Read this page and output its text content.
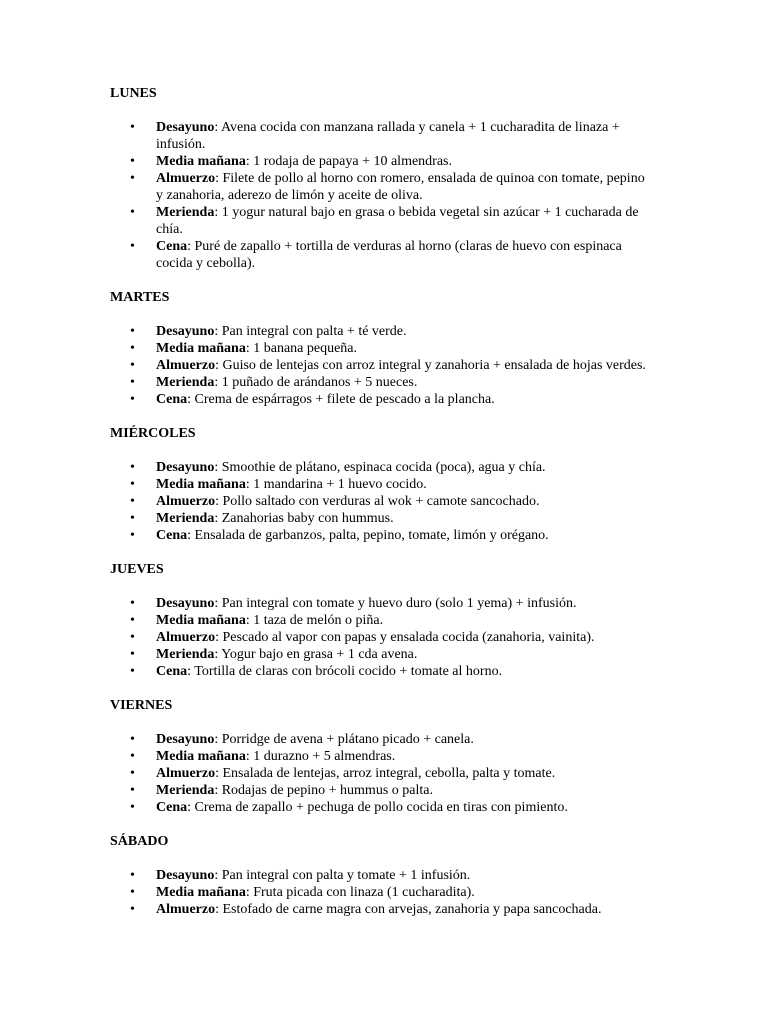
LUNES
• Desayuno: Avena cocida con manzana rallada y canela + 1 cucharadita de linaza + infusión.
• Media mañana: 1 rodaja de papaya + 10 almendras.
• Almuerzo: Filete de pollo al horno con romero, ensalada de quinoa con tomate, pepino y zanahoria, aderezo de limón y aceite de oliva.
• Merienda: 1 yogur natural bajo en grasa o bebida vegetal sin azúcar + 1 cucharada de chía.
• Cena: Puré de zapallo + tortilla de verduras al horno (claras de huevo con espinaca cocida y cebolla).
MARTES
• Desayuno: Pan integral con palta + té verde.
• Media mañana: 1 banana pequeña.
• Almuerzo: Guiso de lentejas con arroz integral y zanahoria + ensalada de hojas verdes.
• Merienda: 1 puñado de arándanos + 5 nueces.
• Cena: Crema de espárragos + filete de pescado a la plancha.
MIÉRCOLES
• Desayuno: Smoothie de plátano, espinaca cocida (poca), agua y chía.
• Media mañana: 1 mandarina + 1 huevo cocido.
• Almuerzo: Pollo saltado con verduras al wok + camote sancochado.
• Merienda: Zanahorias baby con hummus.
• Cena: Ensalada de garbanzos, palta, pepino, tomate, limón y orégano.
JUEVES
• Desayuno: Pan integral con tomate y huevo duro (solo 1 yema) + infusión.
• Media mañana: 1 taza de melón o piña.
• Almuerzo: Pescado al vapor con papas y ensalada cocida (zanahoria, vainita).
• Merienda: Yogur bajo en grasa + 1 cda avena.
• Cena: Tortilla de claras con brócoli cocido + tomate al horno.
VIERNES
• Desayuno: Porridge de avena + plátano picado + canela.
• Media mañana: 1 durazno + 5 almendras.
• Almuerzo: Ensalada de lentejas, arroz integral, cebolla, palta y tomate.
• Merienda: Rodajas de pepino + hummus o palta.
• Cena: Crema de zapallo + pechuga de pollo cocida en tiras con pimiento.
SÁBADO
• Desayuno: Pan integral con palta y tomate + 1 infusión.
• Media mañana: Fruta picada con linaza (1 cucharadita).
• Almuerzo: Estofado de carne magra con arvejas, zanahoria y papa sancochada.
